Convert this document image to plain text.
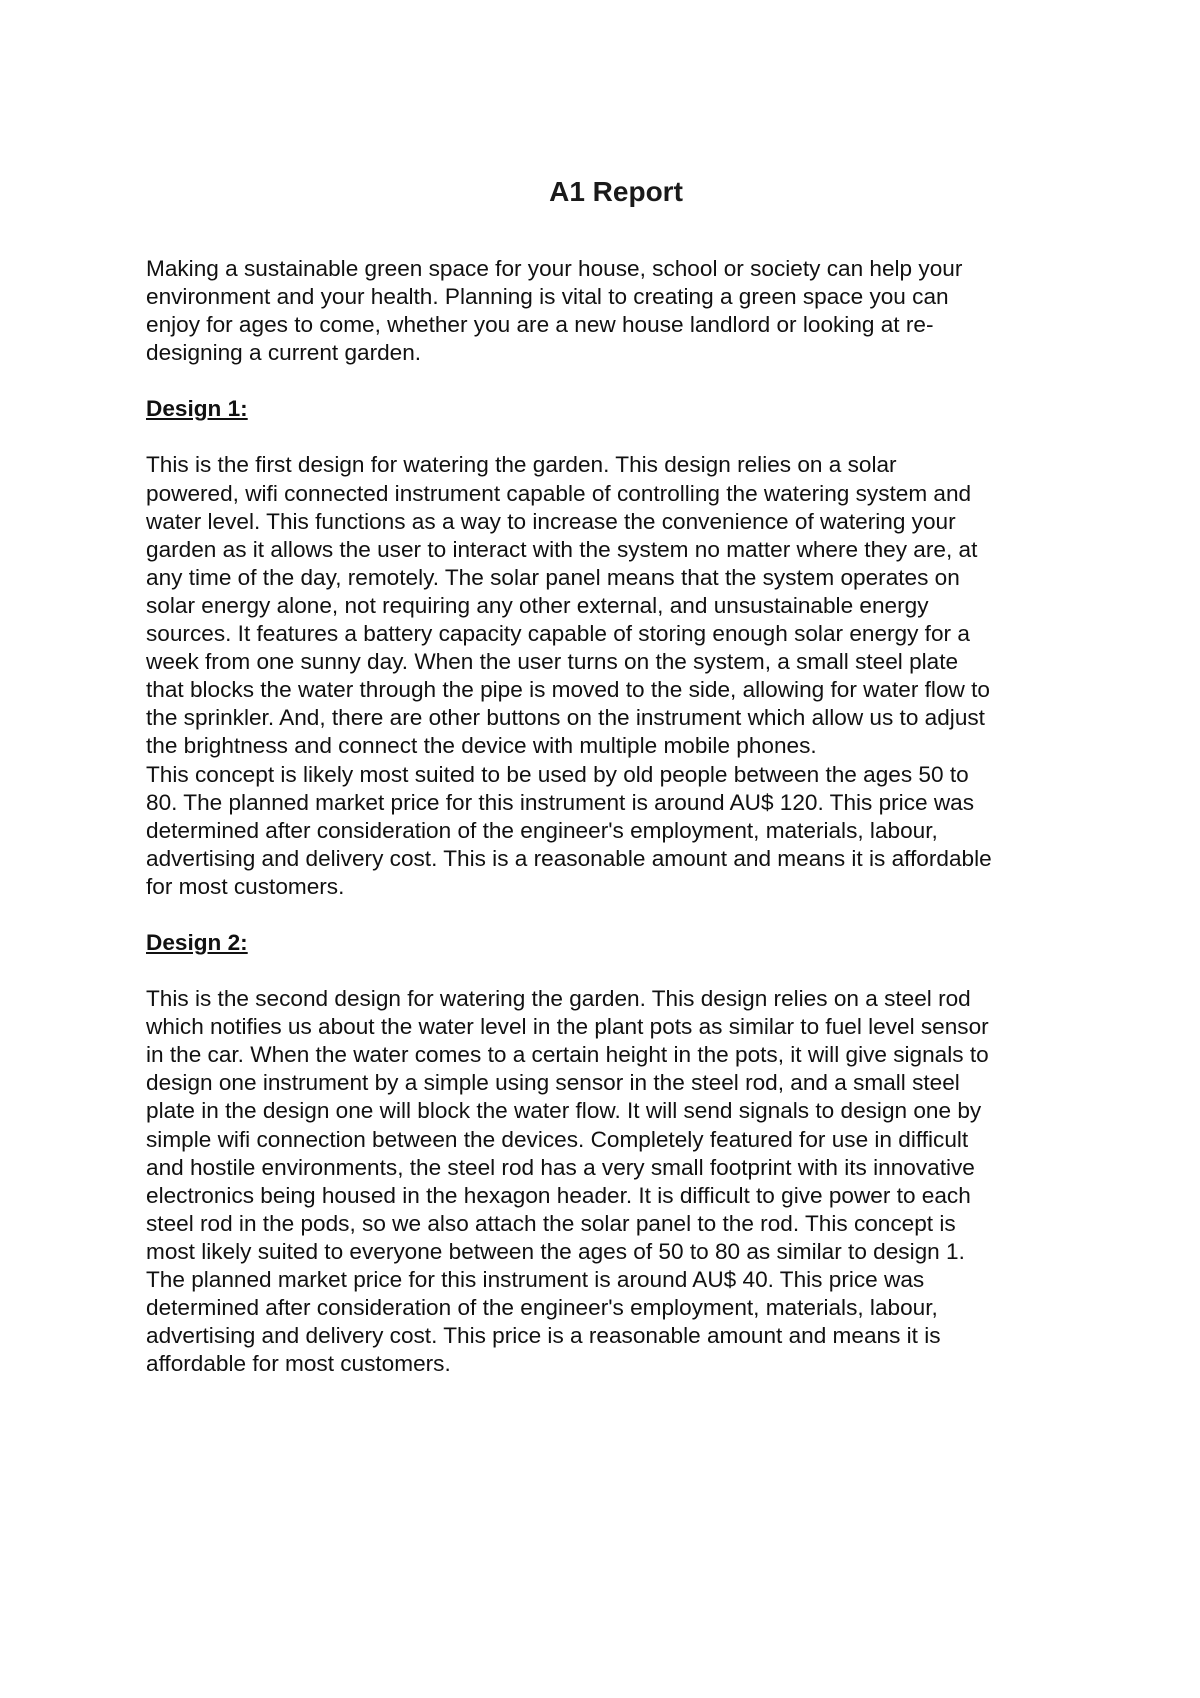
A1 Report

Making a sustainable green space for your house, school or society can help your
environment and your health. Planning is vital to creating a green space you can
enjoy for ages to come, whether you are a new house landlord or looking at re-
designing a current garden.

Design 1:

This is the first design for watering the garden. This design relies on a solar
powered, wifi connected instrument capable of controlling the watering system and
water level. This functions as a way to increase the convenience of watering your
garden as it allows the user to interact with the system no matter where they are, at
any time of the day, remotely. The solar panel means that the system operates on
solar energy alone, not requiring any other external, and unsustainable energy
sources. It features a battery capacity capable of storing enough solar energy for a
week from one sunny day. When the user turns on the system, a small steel plate
that blocks the water through the pipe is moved to the side, allowing for water flow to
the sprinkler. And, there are other buttons on the instrument which allow us to adjust
the brightness and connect the device with multiple mobile phones.

This concept is likely most suited to be used by old people between the ages 50 to
80. The planned market price for this instrument is around AU$ 120. This price was
determined after consideration of the engineer's employment, materials, labour,
advertising and delivery cost. This is a reasonable amount and means it is affordable
for most customers.

Design 2:

This is the second design for watering the garden. This design relies on a steel rod
which notifies us about the water level in the plant pots as similar to fuel level sensor
in the car. When the water comes to a certain height in the pots, it will give signals to
design one instrument by a simple using sensor in the steel rod, and a small steel
plate in the design one will block the water flow. It will send signals to design one by
simple wifi connection between the devices. Completely featured for use in difficult
and hostile environments, the steel rod has a very small footprint with its innovative
electronics being housed in the hexagon header. It is difficult to give power to each
steel rod in the pods, so we also attach the solar panel to the rod. This concept is
most likely suited to everyone between the ages of 50 to 80 as similar to design 1.
The planned market price for this instrument is around AU$ 40. This price was
determined after consideration of the engineer's employment, materials, labour,
advertising and delivery cost. This price is a reasonable amount and means it is
affordable for most customers.
